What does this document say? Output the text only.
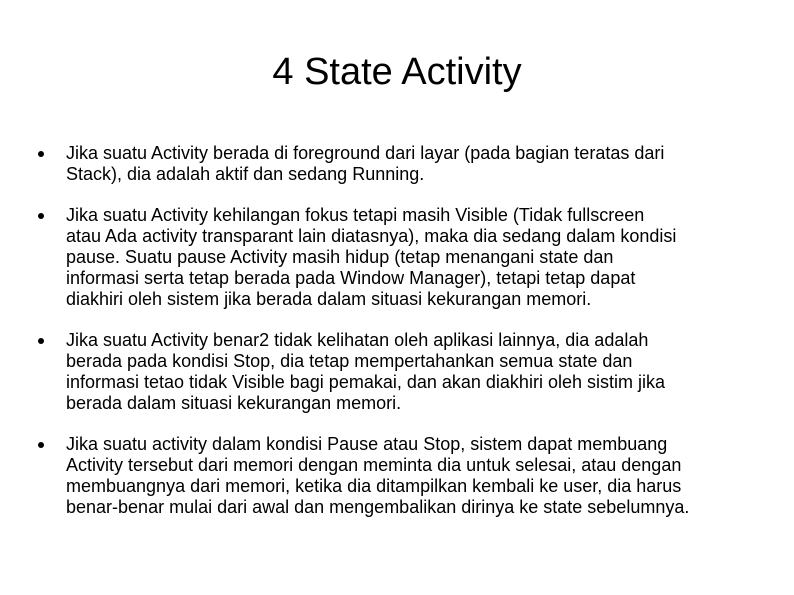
4 State Activity
Jika suatu Activity berada di foreground dari layar (pada bagian teratas dari
Stack), dia adalah aktif dan sedang Running.
Jika suatu Activity kehilangan fokus tetapi masih Visible (Tidak fullscreen
atau Ada activity transparant lain diatasnya), maka dia sedang dalam kondisi
pause. Suatu pause Activity masih hidup (tetap menangani state dan
informasi serta tetap berada pada Window Manager), tetapi tetap dapat
diakhiri oleh sistem jika berada dalam situasi kekurangan memori.
Jika suatu Activity benar2 tidak kelihatan oleh aplikasi lainnya, dia adalah
berada pada kondisi Stop, dia tetap mempertahankan semua state dan
informasi tetao tidak Visible bagi pemakai, dan akan diakhiri oleh sistim jika
berada dalam situasi kekurangan memori.
Jika suatu activity dalam kondisi Pause atau Stop, sistem dapat membuang
Activity tersebut dari memori dengan meminta dia untuk selesai, atau dengan
membuangnya dari memori, ketika dia ditampilkan kembali ke user, dia harus
benar-benar mulai dari awal dan mengembalikan dirinya ke state sebelumnya.
